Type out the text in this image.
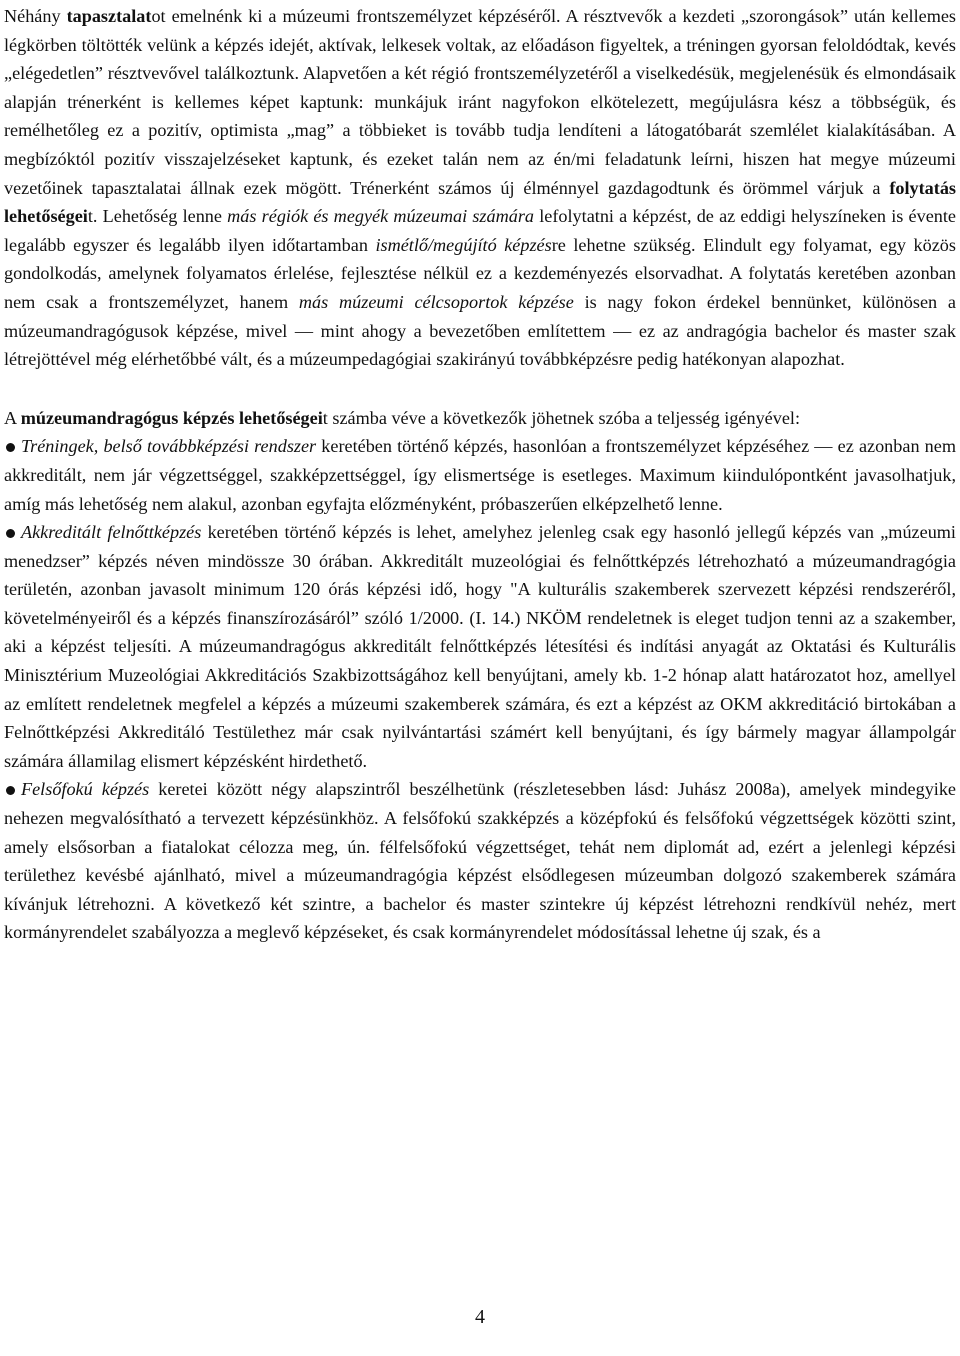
Néhány tapasztalatot emelnénk ki a múzeumi frontszemélyzet képzéséről. A résztvevők a kezdeti „szorongások” után kellemes légkörben töltötték velünk a képzés idejét, aktívak, lelkesek voltak, az előadáson figyeltek, a tréningen gyorsan feloldódtak, kevés „elégedetlen” résztvevővel találkoztunk. Alapvetően a két régió frontszemélyzetéről a viselkedésük, megjelenésük és elmondásaik alapján trénerként is kellemes képet kaptunk: munkájuk iránt nagyfokon elkötelezett, megújulásra kész a többségük, és remélhetőleg ez a pozitív, optimista „mag” a többieket is tovább tudja lendíteni a látogatóbarát szemlélet kialakításában. A megbízóktól pozitív visszajelzéseket kaptunk, és ezeket talán nem az én/mi feladatunk leírni, hiszen hat megye múzeumi vezetőinek tapasztalatai állnak ezek mögött. Trénerként számos új élménnyel gazdagodtunk és örömmel várjuk a folytatás lehetőségeit. Lehetőség lenne más régiók és megyék múzeumai számára lefolytatni a képzést, de az eddigi helyszíneken is évente legalább egyszer és legalább ilyen időtartamban ismétlő/megújító képzésre lehetne szükség. Elindult egy folyamat, egy közös gondolkodás, amelynek folyamatos érlelése, fejlesztése nélkül ez a kezdeményezés elsorvadhat. A folytatás keretében azonban nem csak a frontszemélyzet, hanem más múzeumi célcsoportok képzése is nagy fokon érdekel bennünket, különösen a múzeumandragógusok képzése, mivel — mint ahogy a bevezetőben említettem — ez az andragógia bachelor és master szak létrejöttével még elérhetőbbé vált, és a múzeumpedagógiai szakirányú továbbképzésre pedig hatékonyan alapozhat.

A múzeumandragógus képzés lehetőségeit számba véve a következők jöhetnek szóba a teljesség igényével:

Tréningek, belső továbbképzési rendszer keretében történő képzés, hasonlóan a frontszemélyzet képzéséhez — ez azonban nem akkreditált, nem jár végzettséggel, szakképzettséggel, így elismertsége is esetleges. Maximum kiindulópontként javasolhatjuk, amíg más lehetőség nem alakul, azonban egyfajta előzményként, próbaszerűen elképzelhető lenne.

Akkreditált felnőttképzés keretében történő képzés is lehet, amelyhez jelenleg csak egy hasonló jellegű képzés van „múzeumi menedzser” képzés néven mindössze 30 órában. Akkreditált muzeológiai és felnőttképzés létrehozható a múzeumandragógia területén, azonban javasolt minimum 120 órás képzési idő, hogy "A kulturális szakemberek szervezett képzési rendszeréről, követelményeiről és a képzés finanszírozásáról” szóló 1/2000. (I. 14.) NKÖM rendeletnek is eleget tudjon tenni az a szakember, aki a képzést teljesíti. A múzeumandragógus akkreditált felnőttképzés létesítési és indítási anyagát az Oktatási és Kulturális Minisztérium Muzeológiai Akkreditációs Szakbizottságához kell benyújtani, amely kb. 1-2 hónap alatt határozatot hoz, amellyel az említett rendeletnek megfelel a képzés a múzeumi szakemberek számára, és ezt a képzést az OKM akkreditáció birtokában a Felnőttképzési Akkreditáló Testülethez már csak nyilvántartási számért kell benyújtani, és így bármely magyar állampolgár számára államilag elismert képzésként hirdethető.

Felsőfokú képzés keretei között négy alapszintről beszélhetünk (részletesebben lásd: Juhász 2008a), amelyek mindegyike nehezen megvalósítható a tervezett képzésünkhöz. A felsőfokú szakképzés a középfokú és felsőfokú végzettségek közötti szint, amely elsősorban a fiatalokat célozza meg, ún. félfelsőfokú végzettséget, tehát nem diplomát ad, ezért a jelenlegi képzési területhez kevésbé ajánlható, mivel a múzeumandragógia képzést elsődlegesen múzeumban dolgozó szakemberek számára kívánjuk létrehozni. A következő két szintre, a bachelor és master szintekre új képzést létrehozni rendkívül nehéz, mert kormányrendelet szabályozza a meglevő képzéseket, és csak kormányrendelet módosítással lehetne új szak, és a

4
